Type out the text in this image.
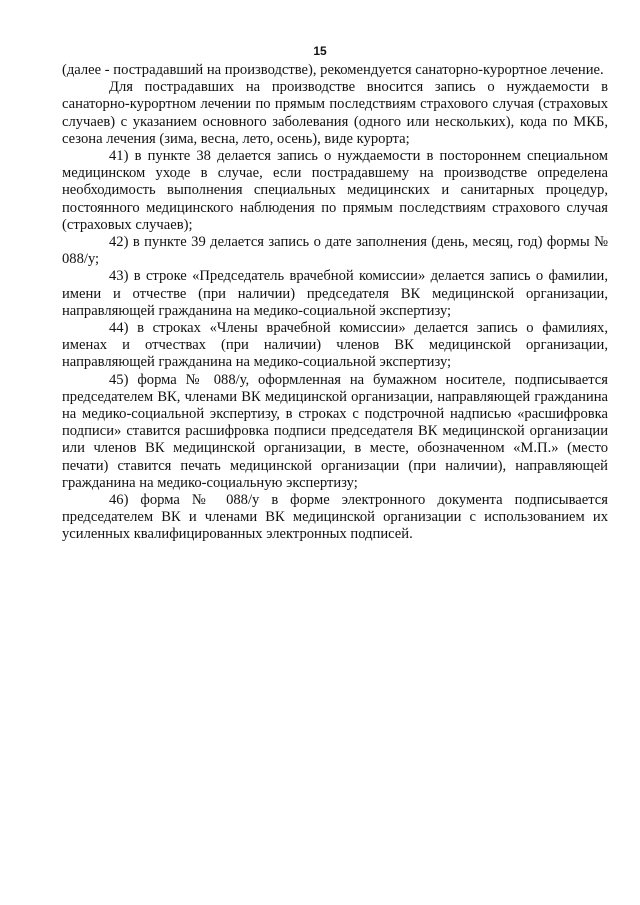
15

(далее - пострадавший на производстве), рекомендуется санаторно-курортное лечение.

Для пострадавших на производстве вносится запись о нуждаемости в санаторно-курортном лечении по прямым последствиям страхового случая (страховых случаев) с указанием основного заболевания (одного или нескольких), кода по МКБ, сезона лечения (зима, весна, лето, осень), виде курорта;

41) в пункте 38 делается запись о нуждаемости в постороннем специальном медицинском уходе в случае, если пострадавшему на производстве определена необходимость выполнения специальных медицинских и санитарных процедур, постоянного медицинского наблюдения по прямым последствиям страхового случая (страховых случаев);

42) в пункте 39 делается запись о дате заполнения (день, месяц, год) формы № 088/у;

43) в строке «Председатель врачебной комиссии» делается запись о фамилии, имени и отчестве (при наличии) председателя ВК медицинской организации, направляющей гражданина на медико-социальной экспертизу;

44) в строках «Члены врачебной комиссии» делается запись о фамилиях, именах и отчествах (при наличии) членов ВК медицинской организации, направляющей гражданина на медико-социальной экспертизу;

45) форма № 088/у, оформленная на бумажном носителе, подписывается председателем ВК, членами ВК медицинской организации, направляющей гражданина на медико-социальной экспертизу, в строках с подстрочной надписью «расшифровка подписи» ставится расшифровка подписи председателя ВК медицинской организации или членов ВК медицинской организации, в месте, обозначенном «М.П.» (место печати) ставится печать медицинской организации (при наличии), направляющей гражданина на медико-социальную экспертизу;

46) форма № 088/у в форме электронного документа подписывается председателем ВК и членами ВК медицинской организации с использованием их усиленных квалифицированных электронных подписей.
